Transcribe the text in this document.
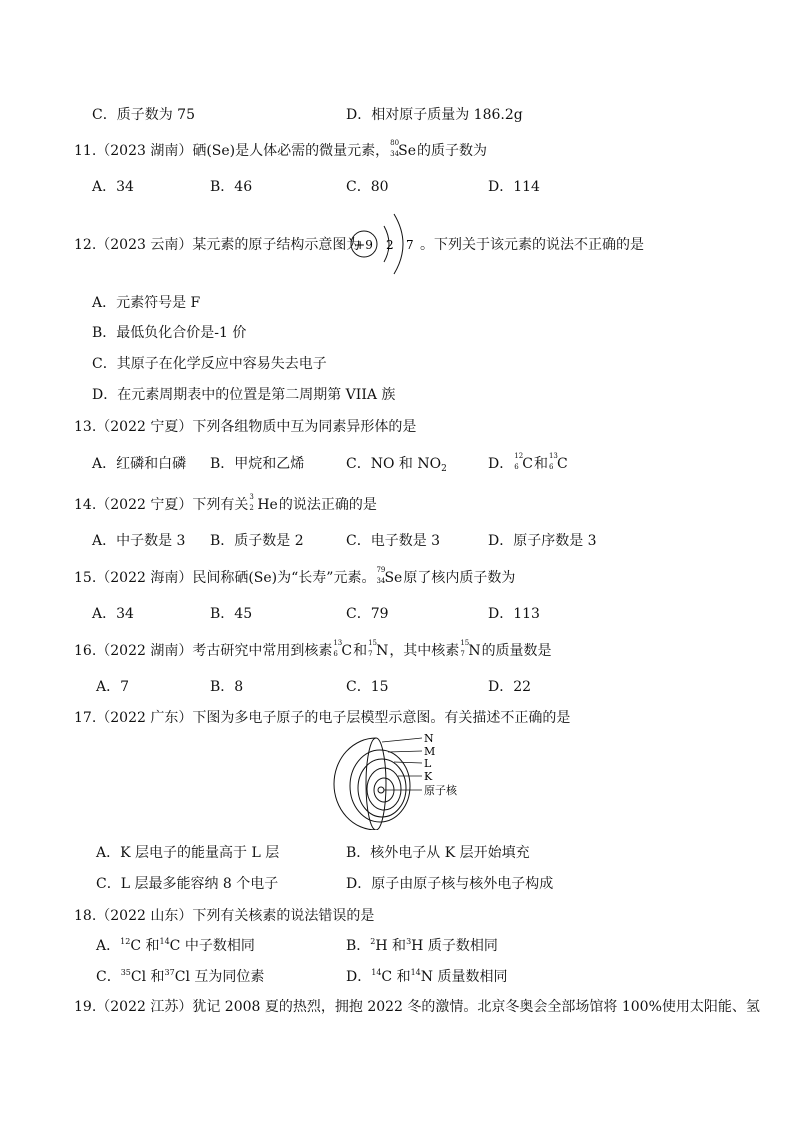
C．质子数为 75	D．相对原子质量为 186.2g
11.（2023 湖南）硒(Se)是人体必需的微量元素， 80
34 Se的质子数为
A．34	B．46	C．80	D．114
12.（2023 云南）某元素的原子结构示意图为
+9 2 7 。下列关于该元素的说法不正确的是
A．元素符号是 F
B．最低负化合价是-1 价
C．其原子在化学反应中容易失去电子
D．在元素周期表中的位置是第二周期第 VIIA 族
13.（2022 宁夏）下列各组物质中互为同素异形体的是
A．红磷和白磷 B．甲烷和乙烯	C．NO 和 $NO_2$	D． 12
6 C和 13
6 C
14.（2022 宁夏）下列有关 3
2 He的说法正确的是
A．中子数是 3 B．质子数是 2	C．电子数是 3	D．原子序数是 3
15.（2022 海南）民间称硒(Se)为“长寿”元素。 79
34 Se原了核内质子数为
A．34	B．45	C．79	D．113
16.（2022 湖南）考古研究中常用到核素 13
6 C和 15
7 N，其中核素 15
7 N的质量数是
A．7	B．8	C．15	D．22
17.（2022 广东）下图为多电子原子的电子层模型示意图。有关描述不正确的是
N
M
L
K
原子核
A．K 层电子的能量高于 L 层	B．核外电子从 K 层开始填充
C．L 层最多能容纳 8 个电子	D．原子由原子核与核外电子构成
18.（2022 山东）下列有关核素的说法错误的是
A．$^{12}$C 和$^{14}$C 中子数相同	B．$^2$H 和$^3$H 质子数相同
C．$^{35}$Cl 和$^{37}$Cl 互为同位素	D．$^{14}$C 和$^{14}$N 质量数相同
19.（2022 江苏）犹记 2008 夏的热烈，拥抱 2022 冬的激情。北京冬奥会全部场馆将 100%使用太阳能、氢
